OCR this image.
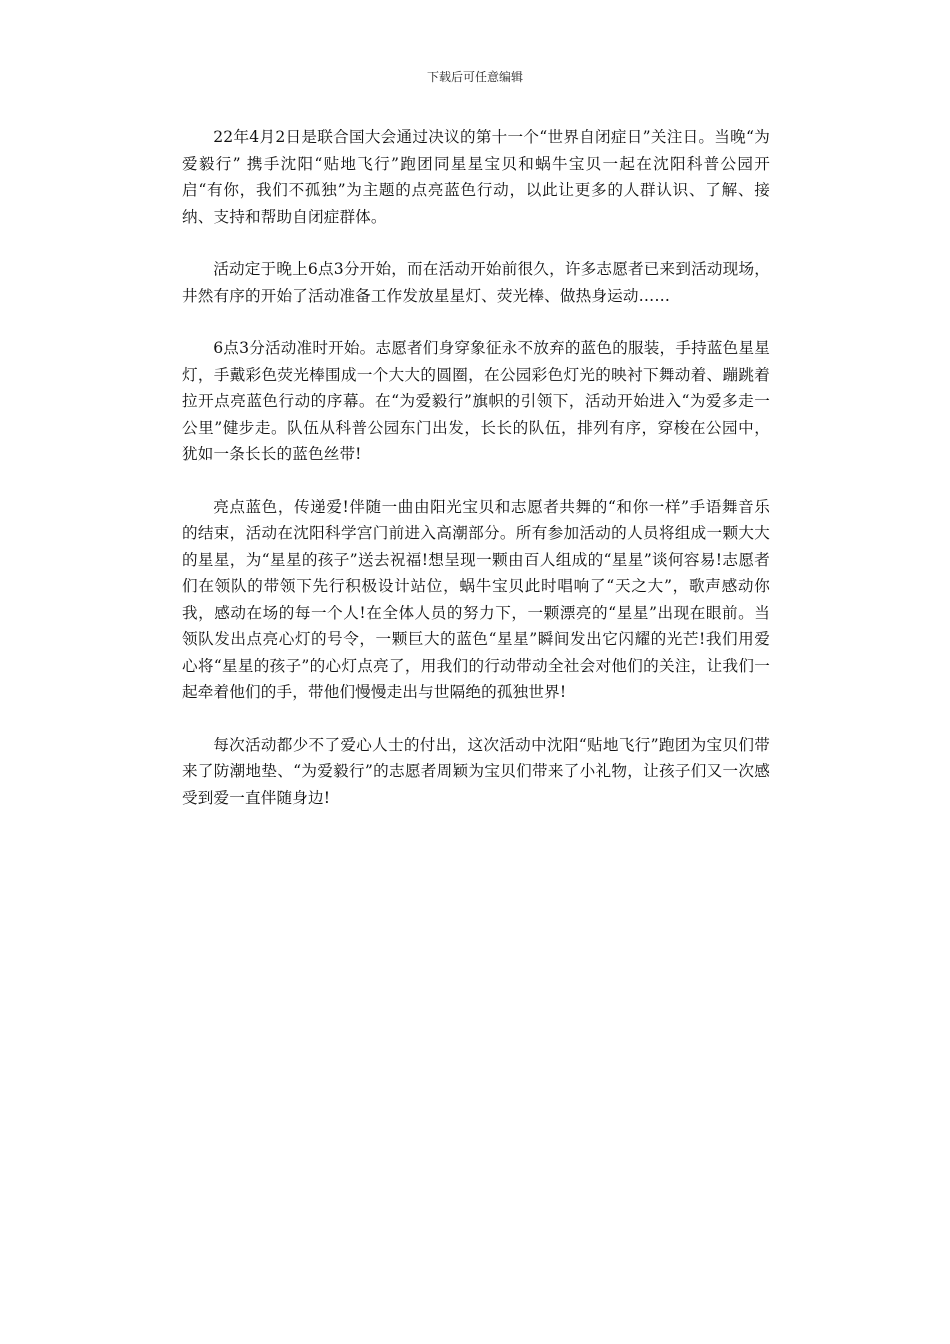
下载后可任意编辑

22年4月2日是联合国大会通过决议的第十一个“世界自闭症日”关注日。当晚“为爱毅行” 携手沈阳“贴地飞行”跑团同星星宝贝和蜗牛宝贝一起在沈阳科普公园开启“有你，我们不孤独”为主题的点亮蓝色行动，以此让更多的人群认识、了解、接纳、支持和帮助自闭症群体。

活动定于晚上6点3分开始，而在活动开始前很久，许多志愿者已来到活动现场，井然有序的开始了活动准备工作发放星星灯、荧光棒、做热身运动……

6点3分活动准时开始。志愿者们身穿象征永不放弃的蓝色的服装，手持蓝色星星灯，手戴彩色荧光棒围成一个大大的圆圈，在公园彩色灯光的映衬下舞动着、蹦跳着拉开点亮蓝色行动的序幕。在“为爱毅行”旗帜的引领下，活动开始进入“为爱多走一公里”健步走。队伍从科普公园东门出发，长长的队伍，排列有序，穿梭在公园中，犹如一条长长的蓝色丝带!

亮点蓝色，传递爱!伴随一曲由阳光宝贝和志愿者共舞的“和你一样”手语舞音乐的结束，活动在沈阳科学宫门前进入高潮部分。所有参加活动的人员将组成一颗大大的星星，为“星星的孩子”送去祝福!想呈现一颗由百人组成的“星星”谈何容易!志愿者们在领队的带领下先行积极设计站位，蜗牛宝贝此时唱响了“天之大”，歌声感动你我，感动在场的每一个人!在全体人员的努力下，一颗漂亮的“星星”出现在眼前。当领队发出点亮心灯的号令，一颗巨大的蓝色“星星”瞬间发出它闪耀的光芒!我们用爱心将“星星的孩子”的心灯点亮了，用我们的行动带动全社会对他们的关注，让我们一起牵着他们的手，带他们慢慢走出与世隔绝的孤独世界!

每次活动都少不了爱心人士的付出，这次活动中沈阳“贴地飞行”跑团为宝贝们带来了防潮地垫、“为爱毅行”的志愿者周颖为宝贝们带来了小礼物，让孩子们又一次感受到爱一直伴随身边!
